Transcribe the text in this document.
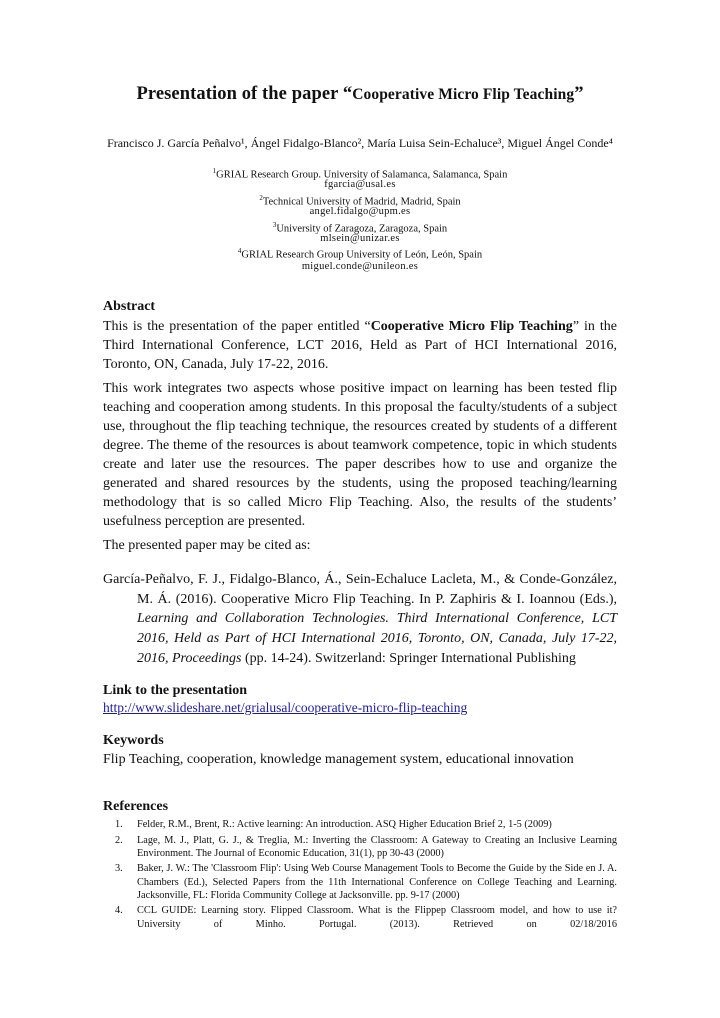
Presentation of the paper “Cooperative Micro Flip Teaching”
Francisco J. García Peñalvo¹, Ángel Fidalgo-Blanco², María Luisa Sein-Echaluce³, Miguel Ángel Conde⁴
$^1$GRIAL Research Group. University of Salamanca, Salamanca, Spain
fgarcia@usal.es
$^2$Technical University of Madrid, Madrid, Spain
angel.fidalgo@upm.es
$^3$University of Zaragoza, Zaragoza, Spain
mlsein@unizar.es
$^4$GRIAL Research Group University of León, León, Spain
miguel.conde@unileon.es
Abstract
This is the presentation of the paper entitled “Cooperative Micro Flip Teaching” in the Third International Conference, LCT 2016, Held as Part of HCI International 2016, Toronto, ON, Canada, July 17-22, 2016.
This work integrates two aspects whose positive impact on learning has been tested flip teaching and cooperation among students. In this proposal the faculty/students of a subject use, throughout the flip teaching technique, the resources created by students of a different degree. The theme of the resources is about teamwork competence, topic in which students create and later use the resources. The paper describes how to use and organize the generated and shared resources by the students, using the proposed teaching/learning methodology that is so called Micro Flip Teaching. Also, the results of the students’ usefulness perception are presented.
The presented paper may be cited as:
García-Peñalvo, F. J., Fidalgo-Blanco, Á., Sein-Echaluce Lacleta, M., & Conde-González, M. Á. (2016). Cooperative Micro Flip Teaching. In P. Zaphiris & I. Ioannou (Eds.), Learning and Collaboration Technologies. Third International Conference, LCT 2016, Held as Part of HCI International 2016, Toronto, ON, Canada, July 17-22, 2016, Proceedings (pp. 14-24). Switzerland: Springer International Publishing
Link to the presentation
http://www.slideshare.net/grialusal/cooperative-micro-flip-teaching
Keywords
Flip Teaching, cooperation, knowledge management system, educational innovation
References
1. Felder, R.M., Brent, R.: Active learning: An introduction. ASQ Higher Education Brief 2, 1-5 (2009)
2. Lage, M. J., Platt, G. J., & Treglia, M.: Inverting the Classroom: A Gateway to Creating an Inclusive Learning Environment. The Journal of Economic Education, 31(1), pp 30-43 (2000)
3. Baker, J. W.: The 'Classroom Flip': Using Web Course Management Tools to Become the Guide by the Side en J. A. Chambers (Ed.), Selected Papers from the 11th International Conference on College Teaching and Learning. Jacksonville, FL: Florida Community College at Jacksonville. pp. 9-17 (2000)
4. CCL GUIDE: Learning story. Flipped Classroom. What is the Flippep Classroom model, and how to use it? University of Minho. Portugal. (2013). Retrieved on 02/18/2016
